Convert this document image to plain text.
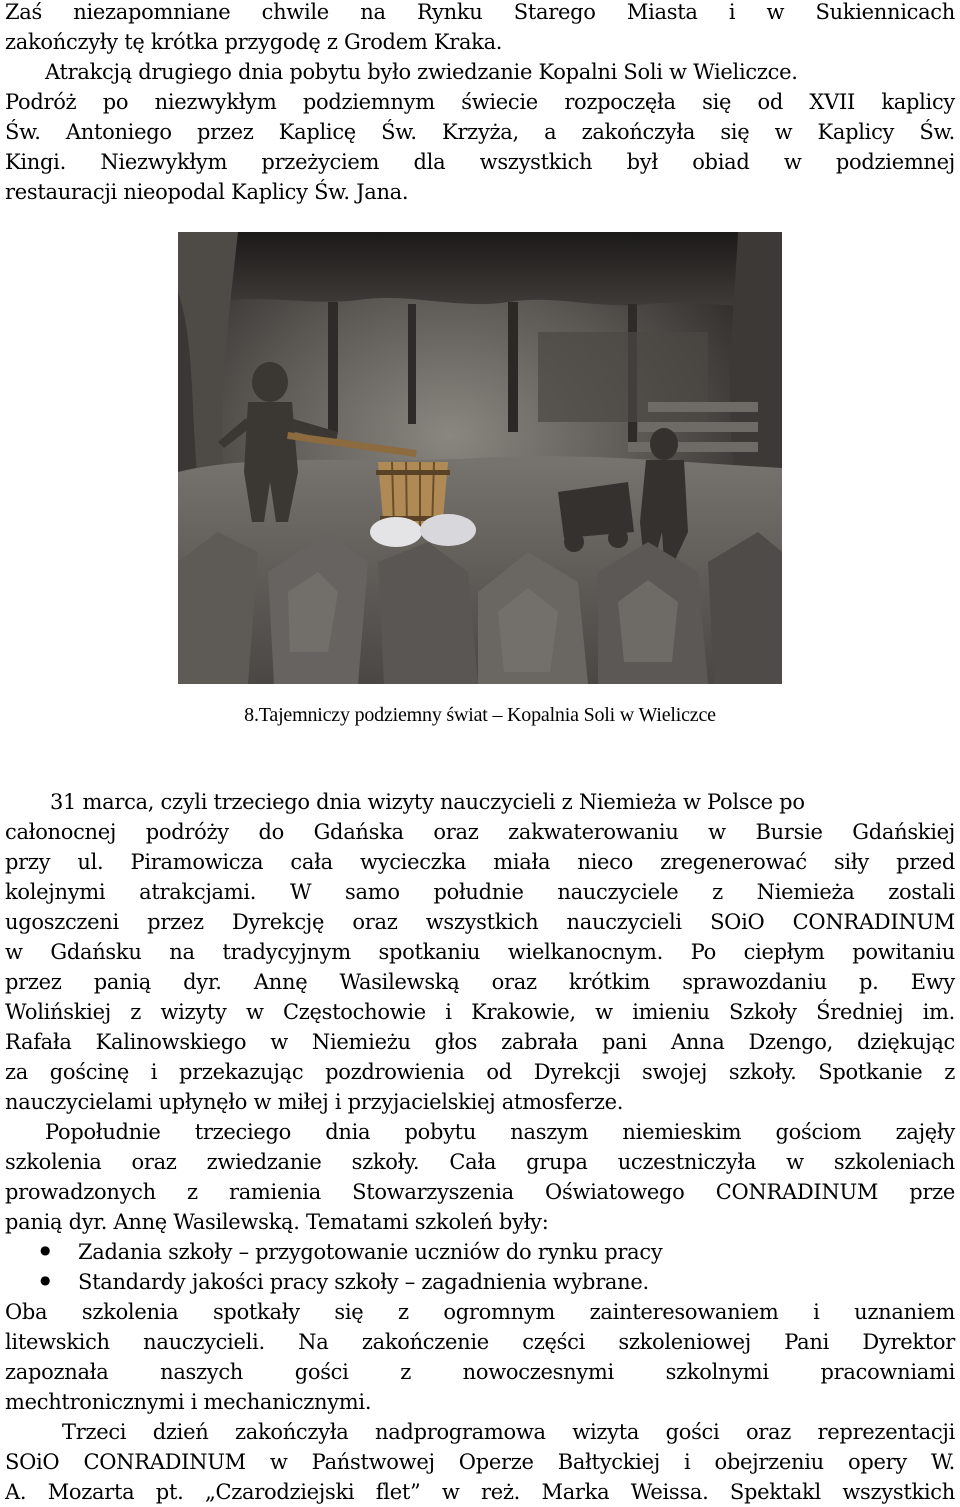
Zaś niezapomniane chwile na Rynku Starego Miasta i w Sukiennicach
zakończyły tę krótka przygodę z Grodem Kraka.
Atrakcją drugiego dnia pobytu było zwiedzanie Kopalni Soli w Wieliczce.
Podróż po niezwykłym podziemnym świecie rozpoczęła się od XVII kaplicy
Św. Antoniego przez Kaplicę Św. Krzyża, a zakończyła się w Kaplicy Św.
Kingi. Niezwykłym przeżyciem dla wszystkich był obiad w podziemnej
restauracji nieopodal Kaplicy Św. Jana.
8.Tajemniczy podziemny świat – Kopalnia Soli w Wieliczce
31 marca, czyli trzeciego dnia wizyty nauczycieli z Niemieża w Polsce po
całonocnej podróży do Gdańska oraz zakwaterowaniu w Bursie Gdańskiej
przy ul. Piramowicza cała wycieczka miała nieco zregenerować siły przed
kolejnymi atrakcjami. W samo południe nauczyciele z Niemieża zostali
ugoszczeni przez Dyrekcję oraz wszystkich nauczycieli SOiO CONRADINUM
w Gdańsku na tradycyjnym spotkaniu wielkanocnym. Po ciepłym powitaniu
przez panią dyr. Annę Wasilewską oraz krótkim sprawozdaniu p. Ewy
Wolińskiej z wizyty w Częstochowie i Krakowie, w imieniu Szkoły Średniej im.
Rafała Kalinowskiego w Niemieżu głos zabrała pani Anna Dzengo, dziękując
za gościnę i przekazując pozdrowienia od Dyrekcji swojej szkoły. Spotkanie z
nauczycielami upłynęło w miłej i przyjacielskiej atmosferze.
Popołudnie trzeciego dnia pobytu naszym niemieskim gościom zajęły
szkolenia oraz zwiedzanie szkoły. Cała grupa uczestniczyła w szkoleniach
prowadzonych z ramienia Stowarzyszenia Oświatowego CONRADINUM prze
panią dyr. Annę Wasilewską. Tematami szkoleń były:
● Zadania szkoły – przygotowanie uczniów do rynku pracy
● Standardy jakości pracy szkoły – zagadnienia wybrane.
Oba szkolenia spotkały się z ogromnym zainteresowaniem i uznaniem
litewskich nauczycieli. Na zakończenie części szkoleniowej Pani Dyrektor
zapoznała naszych gości z nowoczesnymi szkolnymi pracowniami
mechtronicznymi i mechanicznymi.
Trzeci dzień zakończyła nadprogramowa wizyta gości oraz reprezentacji
SOiO CONRADINUM w Państwowej Operze Bałtyckiej i obejrzeniu opery W.
A. Mozarta pt. „Czarodziejski flet” w reż. Marka Weissa. Spektakl wszystkich
